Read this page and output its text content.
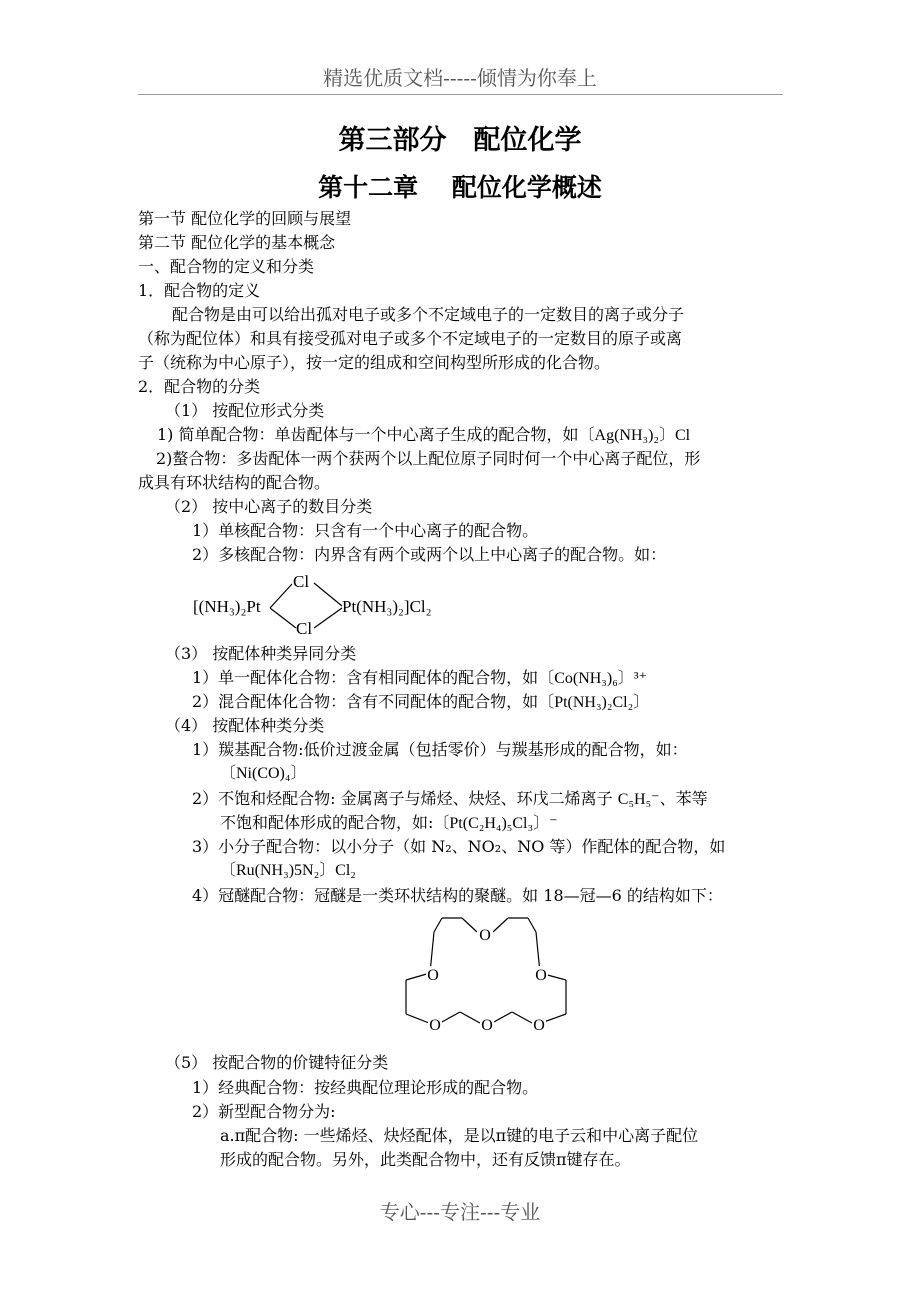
精选优质文档-----倾情为你奉上
第三部分　配位化学
第十二章　 配位化学概述
第一节 配位化学的回顾与展望
第二节 配位化学的基本概念
一、配合物的定义和分类
1．配合物的定义
配合物是由可以给出孤对电子或多个不定域电子的一定数目的离子或分子
（称为配位体）和具有接受孤对电子或多个不定域电子的一定数目的原子或离
子（统称为中心原子），按一定的组成和空间构型所形成的化合物。
2．配合物的分类
（1） 按配位形式分类
1) 简单配合物：单齿配体与一个中心离子生成的配合物，如〔Ag(NH₃)₂〕Cl
2)螯合物：多齿配体一两个获两个以上配位原子同时何一个中心离子配位，形
成具有环状结构的配合物。
（2） 按中心离子的数目分类
1）单核配合物：只含有一个中心离子的配合物。
2）多核配合物：内界含有两个或两个以上中心离子的配合物。如：
[(NH₃)₂Pt
Cl
Cl
Pt(NH₃)₂]Cl₂
（3） 按配体种类异同分类
1）单一配体化合物：含有相同配体的配合物，如〔Co(NH₃)₆〕³⁺
2）混合配体化合物：含有不同配体的配合物，如〔Pt(NH₃)₂Cl₂〕
（4） 按配体种类分类
1）羰基配合物:低价过渡金属（包括零价）与羰基形成的配合物，如：
〔Ni(CO)₄〕
2）不饱和烃配合物: 金属离子与烯烃、炔烃、环戊二烯离子 C₅H₅⁻、苯等
不饱和配体形成的配合物，如:〔Pt(C₂H₄)₅Cl₃〕⁻
3）小分子配合物：以小分子（如 N₂、NO₂、NO 等）作配体的配合物，如
〔Ru(NH₃)5N₂〕Cl₂
4）冠醚配合物：冠醚是一类环状结构的聚醚。如 18—冠—6 的结构如下：
O
O	O
O	O	O
（5） 按配合物的价键特征分类
1）经典配合物：按经典配位理论形成的配合物。
2）新型配合物分为:
a.π配合物: 一些烯烃、炔烃配体，是以π键的电子云和中心离子配位
形成的配合物。另外，此类配合物中，还有反馈π键存在。
专心---专注---专业
